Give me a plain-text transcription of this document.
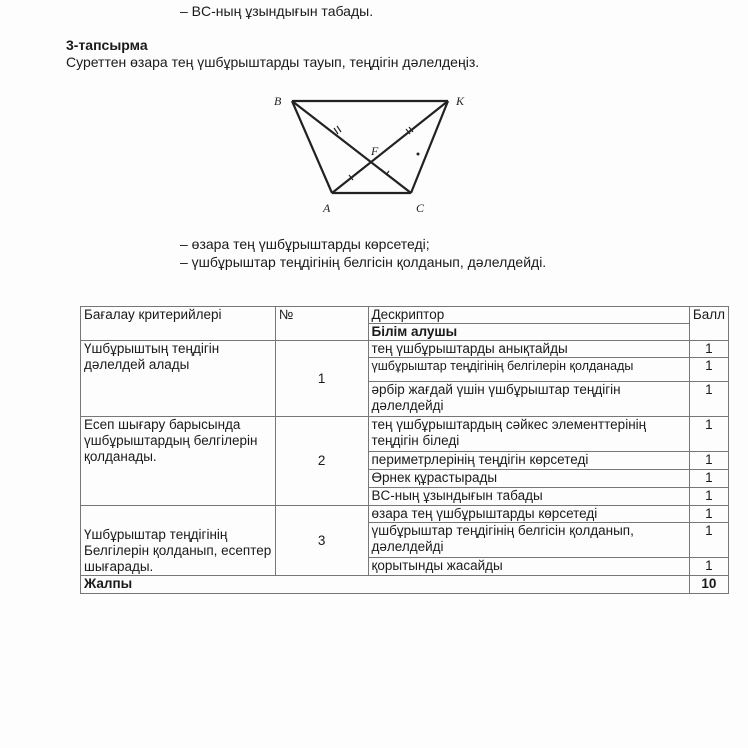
– BC-ның ұзындығын табады.
3-тапсырма
Суреттен өзара тең үшбұрыштарды тауып, теңдігін дәлелдеңіз.
B	K
F
A	C
– өзара тең үшбұрыштарды көрсетеді;
– үшбұрыштар теңдігінің белгісін қолданып, дәлелдейді.
Бағалау критерийлері	№	Дескриптор	Балл
		Білім алушы	
Үшбұрыштың теңдігін дәлелдей алады	1	тең үшбұрыштарды анықтайды	1
		үшбұрыштар теңдігінің белгілерін қолданады	1
		әрбір жағдай үшін үшбұрыштар теңдігін дәлелдейді	1
Есеп шығару барысында үшбұрыштардың белгілерін қолданады.	2	тең үшбұрыштардың сәйкес элементтерінің теңдігін біледі	1
		периметрлерінің теңдігін көрсетеді	1
		Өрнек құрастырады	1
		BC-ның ұзындығын табады	1
Үшбұрыштар теңдігінің Белгілерін қолданып, есептер шығарады.	3	өзара тең үшбұрыштарды көрсетеді	1
		үшбұрыштар теңдігінің белгісін қолданып, дәлелдейді	1
		қорытынды жасайды	1
Жалпы			10
